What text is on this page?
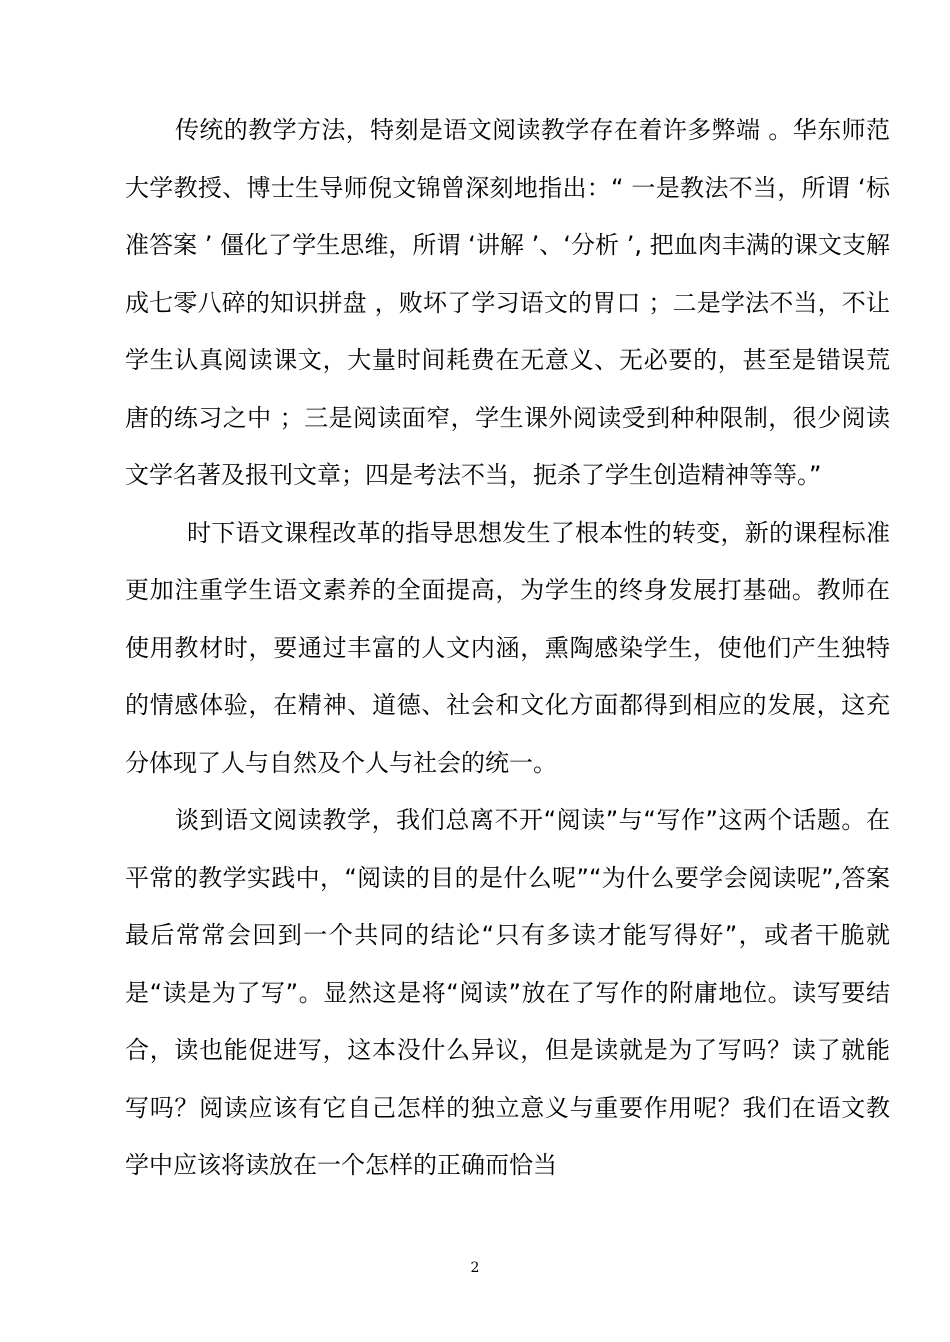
传统的教学方法，特刻是语文阅读教学存在着许多弊端 。华东师范大学教授、博士生导师倪文锦曾深刻地指出：“ 一是教法不当，所谓 ‘标准答案 ’ 僵化了学生思维，所谓 ‘讲解 ’、‘分析 ’, 把血肉丰满的课文支解成七零八碎的知识拼盘 ，败坏了学习语文的胃口 ；二是学法不当，不让学生认真阅读课文，大量时间耗费在无意义、无必要的，甚至是错误荒唐的练习之中 ；三是阅读面窄，学生课外阅读受到种种限制，很少阅读文学名著及报刊文章；四是考法不当，扼杀了学生创造精神等等。”

时下语文课程改革的指导思想发生了根本性的转变，新的课程标准更加注重学生语文素养的全面提高，为学生的终身发展打基础。教师在使用教材时，要通过丰富的人文内涵，熏陶感染学生，使他们产生独特的情感体验，在精神、道德、社会和文化方面都得到相应的发展，这充分体现了人与自然及个人与社会的统一。

谈到语文阅读教学，我们总离不开“阅读”与“写作”这两个话题。在平常的教学实践中，“阅读的目的是什么呢”“为什么要学会阅读呢”,答案最后常常会回到一个共同的结论“只有多读才能写得好”，或者干脆就是“读是为了写”。显然这是将“阅读”放在了写作的附庸地位。读写要结合，读也能促进写，这本没什么异议，但是读就是为了写吗？读了就能写吗？阅读应该有它自己怎样的独立意义与重要作用呢？我们在语文教学中应该将读放在一个怎样的正确而恰当

2
